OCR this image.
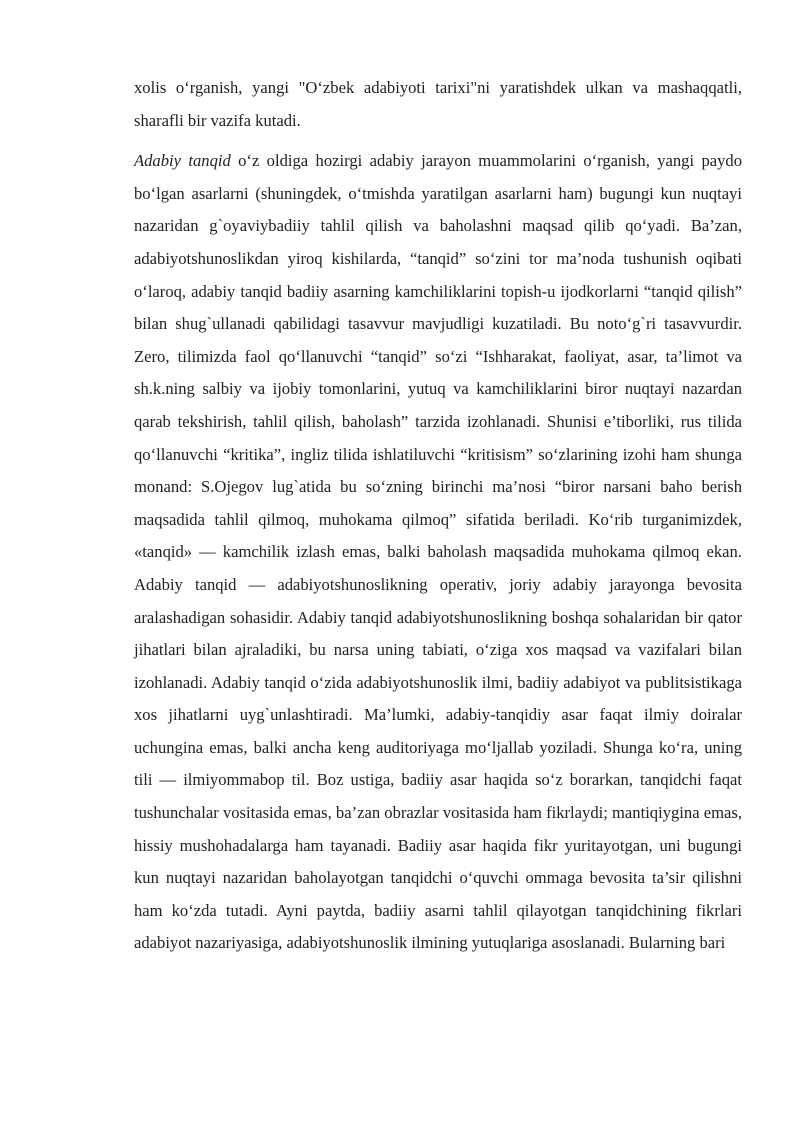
xolis o‘rganish, yangi "O‘zbek adabiyoti tarixi"ni yaratishdek ulkan va mashaqqatli, sharafli bir vazifa kutadi.

Adabiy tanqid o‘z oldiga hozirgi adabiy jarayon muammolarini o‘rganish, yangi paydo bo‘lgan asarlarni (shuningdek, o‘tmishda yaratilgan asarlarni ham) bugungi kun nuqtayi nazaridan g`oyaviybadiiy tahlil qilish va baholashni maqsad qilib qo‘yadi. Ba’zan, adabiyotshunoslikdan yiroq kishilarda, “tanqid” so‘zini tor ma’noda tushunish oqibati o‘laroq, adabiy tanqid badiiy asarning kamchiliklarini topish-u ijodkorlarni “tanqid qilish” bilan shug`ullanadi qabilidagi tasavvur mavjudligi kuzatiladi. Bu noto‘g`ri tasavvurdir. Zero, tilimizda faol qo‘llanuvchi “tanqid” so‘zi “Ishharakat, faoliyat, asar, ta’limot va sh.k.ning salbiy va ijobiy tomonlarini, yutuq va kamchiliklarini biror nuqtayi nazardan qarab tekshirish, tahlil qilish, baholash” tarzida izohlanadi. Shunisi e’tiborliki, rus tilida qo‘llanuvchi “kritika”, ingliz tilida ishlatiluvchi “kritisism” so‘zlarining izohi ham shunga monand: S.Ojegov lug`atida bu so‘zning birinchi ma’nosi “biror narsani baho berish maqsadida tahlil qilmoq, muhokama qilmoq” sifatida beriladi. Ko‘rib turganimizdek, «tanqid» — kamchilik izlash emas, balki baholash maqsadida muhokama qilmoq ekan. Adabiy tanqid — adabiyotshunoslikning operativ, joriy adabiy jarayonga bevosita aralashadigan sohasidir. Adabiy tanqid adabiyotshunoslikning boshqa sohalaridan bir qator jihatlari bilan ajraladiki, bu narsa uning tabiati, o‘ziga xos maqsad va vazifalari bilan izohlanadi. Adabiy tanqid o‘zida adabiyotshunoslik ilmi, badiiy adabiyot va publitsistikaga xos jihatlarni uyg`unlashtiradi. Ma’lumki, adabiy-tanqidiy asar faqat ilmiy doiralar uchungina emas, balki ancha keng auditoriyaga mo‘ljallab yoziladi. Shunga ko‘ra, uning tili — ilmiyommabop til. Boz ustiga, badiiy asar haqida so‘z borarkan, tanqidchi faqat tushunchalar vositasida emas, ba’zan obrazlar vositasida ham fikrlaydi; mantiqiygina emas, hissiy mushohadalarga ham tayanadi. Badiiy asar haqida fikr yuritayotgan, uni bugungi kun nuqtayi nazaridan baholayotgan tanqidchi o‘quvchi ommaga bevosita ta’sir qilishni ham ko‘zda tutadi. Ayni paytda, badiiy asarni tahlil qilayotgan tanqidchining fikrlari adabiyot nazariyasiga, adabiyotshunoslik ilmining yutuqlariga asoslanadi. Bularning bari
